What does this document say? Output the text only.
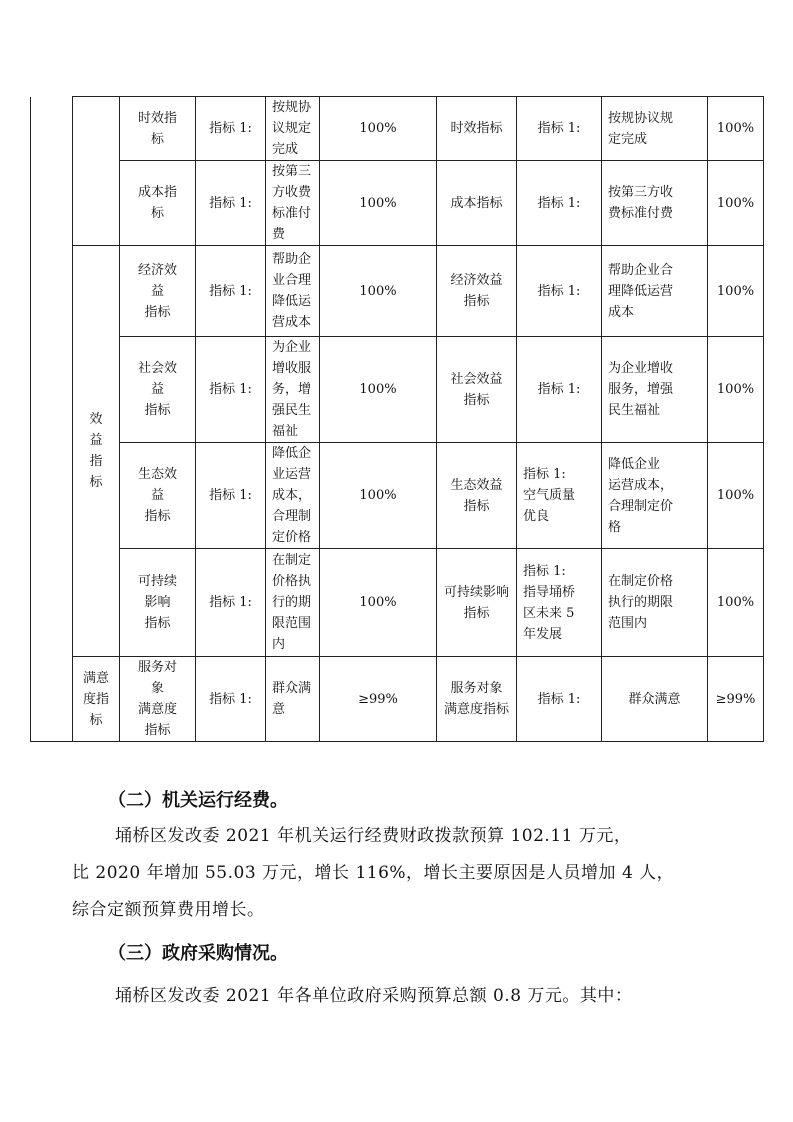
		时效指
标	指标 1:	按规协
议规定
完成	100%	时效指标	指标 1:	按规协议规
定完成	100%

		成本指
标	指标 1:	按第三
方收费
标准付
费	100%	成本指标	指标 1:	按第三方收
费标准付费	100%

	效
益
指
标	经济效
益
指标	指标 1:	帮助企
业合理
降低运
营成本	100%	经济效益
指标	指标 1:	帮助企业合
理降低运营
成本	100%

		社会效
益
指标	指标 1:	为企业
增收服
务，增
强民生
福祉	100%	社会效益
指标	指标 1:	为企业增收
服务，增强
民生福祉	100%

		生态效
益
指标	指标 1:	降低企
业运营
成本，
合理制
定价格	100%	生态效益
指标	指标 1:
空气质量
优良	降低企业
运营成本，
合理制定价
格	100%

		可持续
影响
指标	指标 1:	在制定
价格执
行的期
限范围
内	100%	可持续影响
指标	指标 1:
指导埇桥
区未来 5
年发展	在制定价格
执行的期限
范围内	100%

	满意
度指
标	服务对
象
满意度
指标	指标 1:	群众满
意	≥99%	服务对象
满意度指标	指标 1:	群众满意	≥99%
（二）机关运行经费。
埇桥区发改委 2021 年机关运行经费财政拨款预算 102.11 万元，
比 2020 年增加 55.03 万元，增长 116%，增长主要原因是人员增加 4 人，
综合定额预算费用增长。
（三）政府采购情况。
埇桥区发改委 2021 年各单位政府采购预算总额 0.8 万元。其中：
